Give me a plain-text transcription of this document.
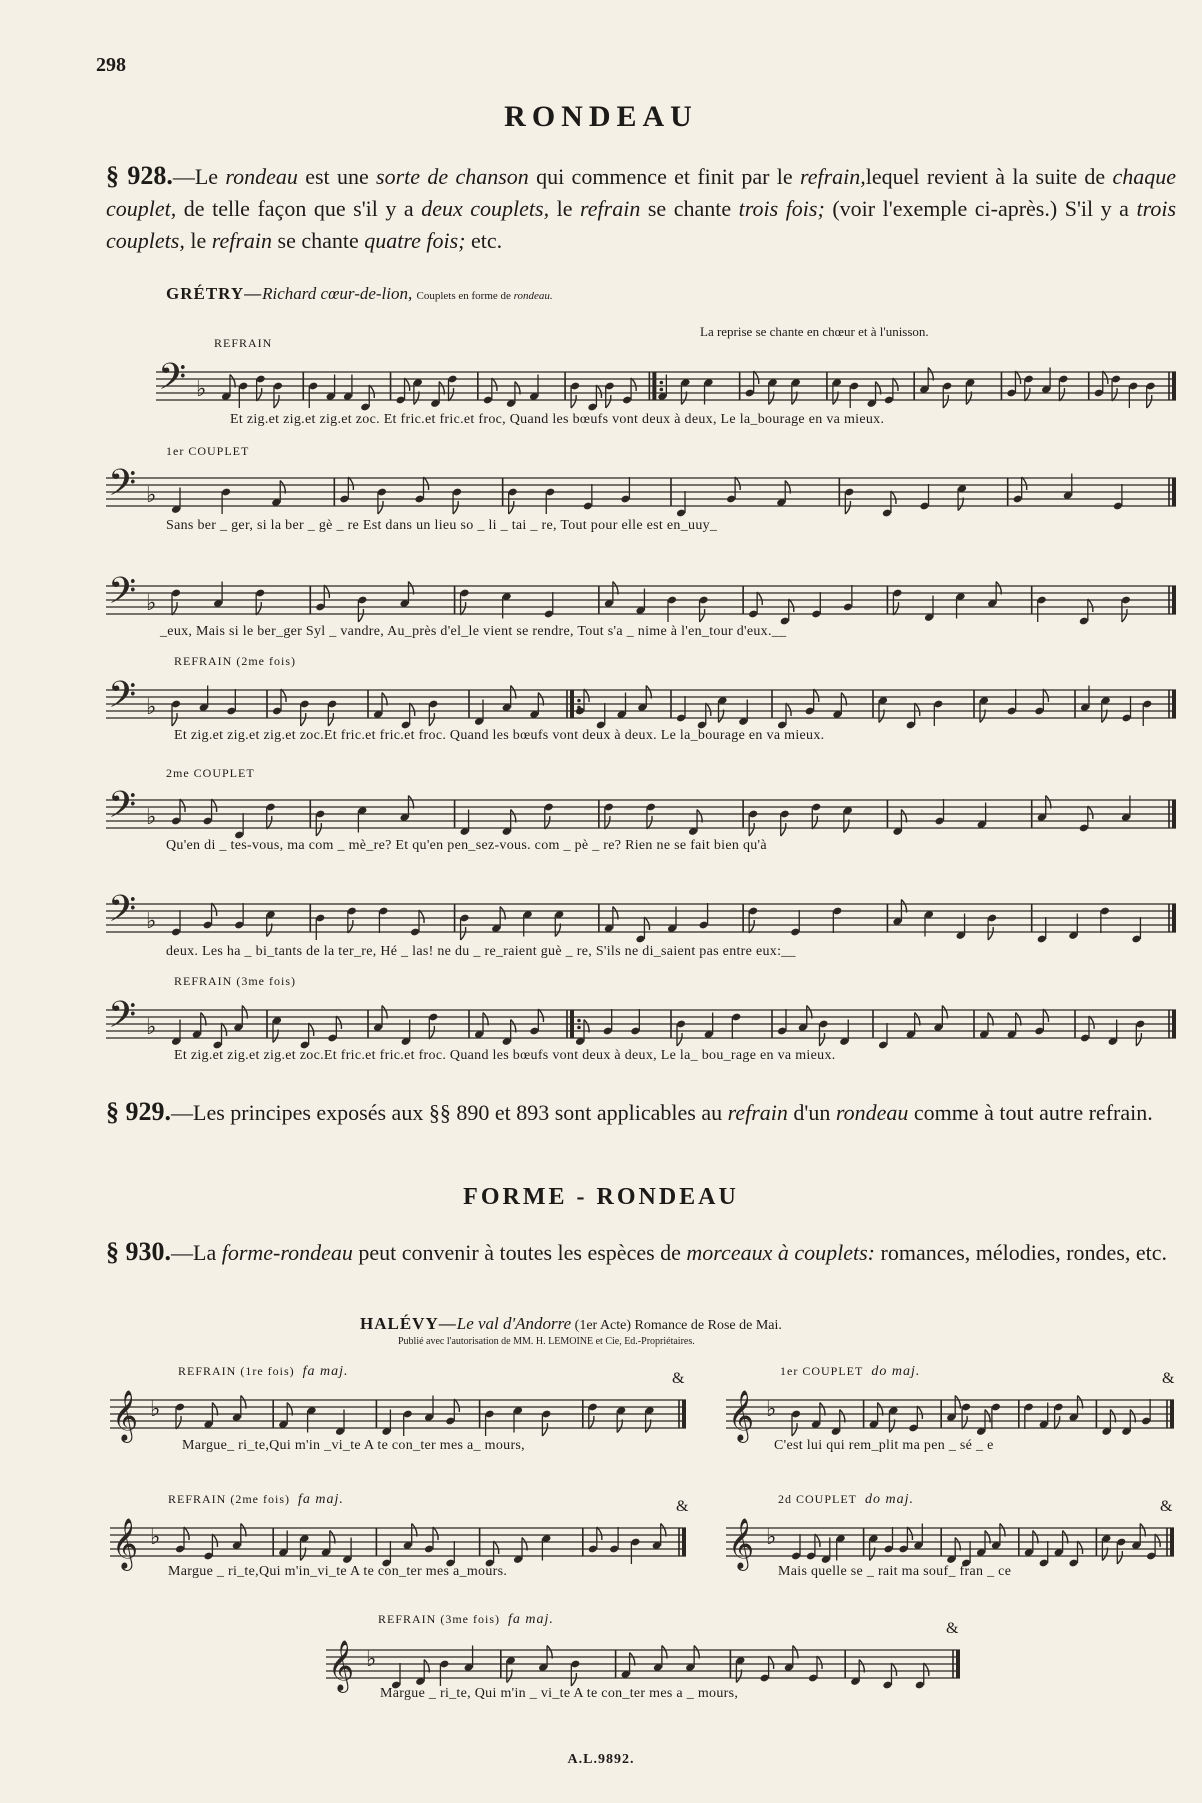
298
RONDEAU
§ 928.—Le rondeau est une sorte de chanson qui commence et finit par le refrain,lequel revient à la suite de chaque couplet, de telle façon que s'il y a deux couplets, le refrain se chante trois fois; (voir l'exemple ci-après.) S'il y a trois couplets, le refrain se chante quatre fois; etc.
GRÉTRY—Richard cœur-de-lion, Couplets en forme de rondeau.
La reprise se chante en chœur et à l'unisson.
REFRAIN
1er COUPLET
REFRAIN (2me fois)
2me COUPLET
REFRAIN (3me fois)
𝄢 ♭
Et zig.et zig.et zig.et zoc. Et fric.et fric.et froc, Quand les bœufs vont deux à deux, Le la_bourage en va mieux.
𝄢 ♭
Sans ber _ ger, si la ber _ gè _ re Est dans un lieu so _ li _ tai _ re, Tout pour elle est en_uuy_
𝄢 ♭
_eux, Mais si le ber_ger Syl _ vandre, Au_près d'el_le vient se rendre, Tout s'a _ nime à l'en_tour d'eux.__
𝄢 ♭
Et zig.et zig.et zig.et zoc.Et fric.et fric.et froc. Quand les bœufs vont deux à deux. Le la_bourage en va mieux.
𝄢 ♭
Qu'en di _ tes-vous, ma com _ mè_re? Et qu'en pen_sez-vous. com _ pè _ re? Rien ne se fait bien qu'à
𝄢 ♭
deux. Les ha _ bi_tants de la ter_re, Hé _ las! ne du _ re_raient guè _ re, S'ils ne di_saient pas entre eux:__
𝄢 ♭
Et zig.et zig.et zig.et zoc.Et fric.et fric.et froc. Quand les bœufs vont deux à deux, Le la_ bou_rage en va mieux.
§ 929.—Les principes exposés aux §§ 890 et 893 sont applicables au refrain d'un rondeau comme à tout autre refrain.
FORME - RONDEAU
§ 930.—La forme-rondeau peut convenir à toutes les espèces de morceaux à couplets: romances, mélodies, rondes, etc.
HALÉVY—Le val d'Andorre (1er Acte) Romance de Rose de Mai.
Publié avec l'autorisation de MM. H. LEMOINE et Cie, Ed.-Propriétaires.
REFRAIN (1re fois) fa maj.	1er COUPLET do maj.
REFRAIN (2me fois) fa maj.	2d COUPLET do maj.
REFRAIN (3me fois) fa maj.
&	&
&	&
&
𝄞 ♭
Margue_ ri_te,Qui m'in _vi_te A te con_ter mes a_ mours,
𝄞 ♭
C'est lui qui rem_plit ma pen _ sé _ e
𝄞 ♭
Margue _ ri_te,Qui m'in_vi_te A te con_ter mes a_mours.
𝄞 ♭
Mais quelle se _ rait ma souf_ fran _ ce
𝄞 ♭
Margue _ ri_te, Qui m'in _ vi_te A te con_ter mes a _ mours,
A.L.9892.
